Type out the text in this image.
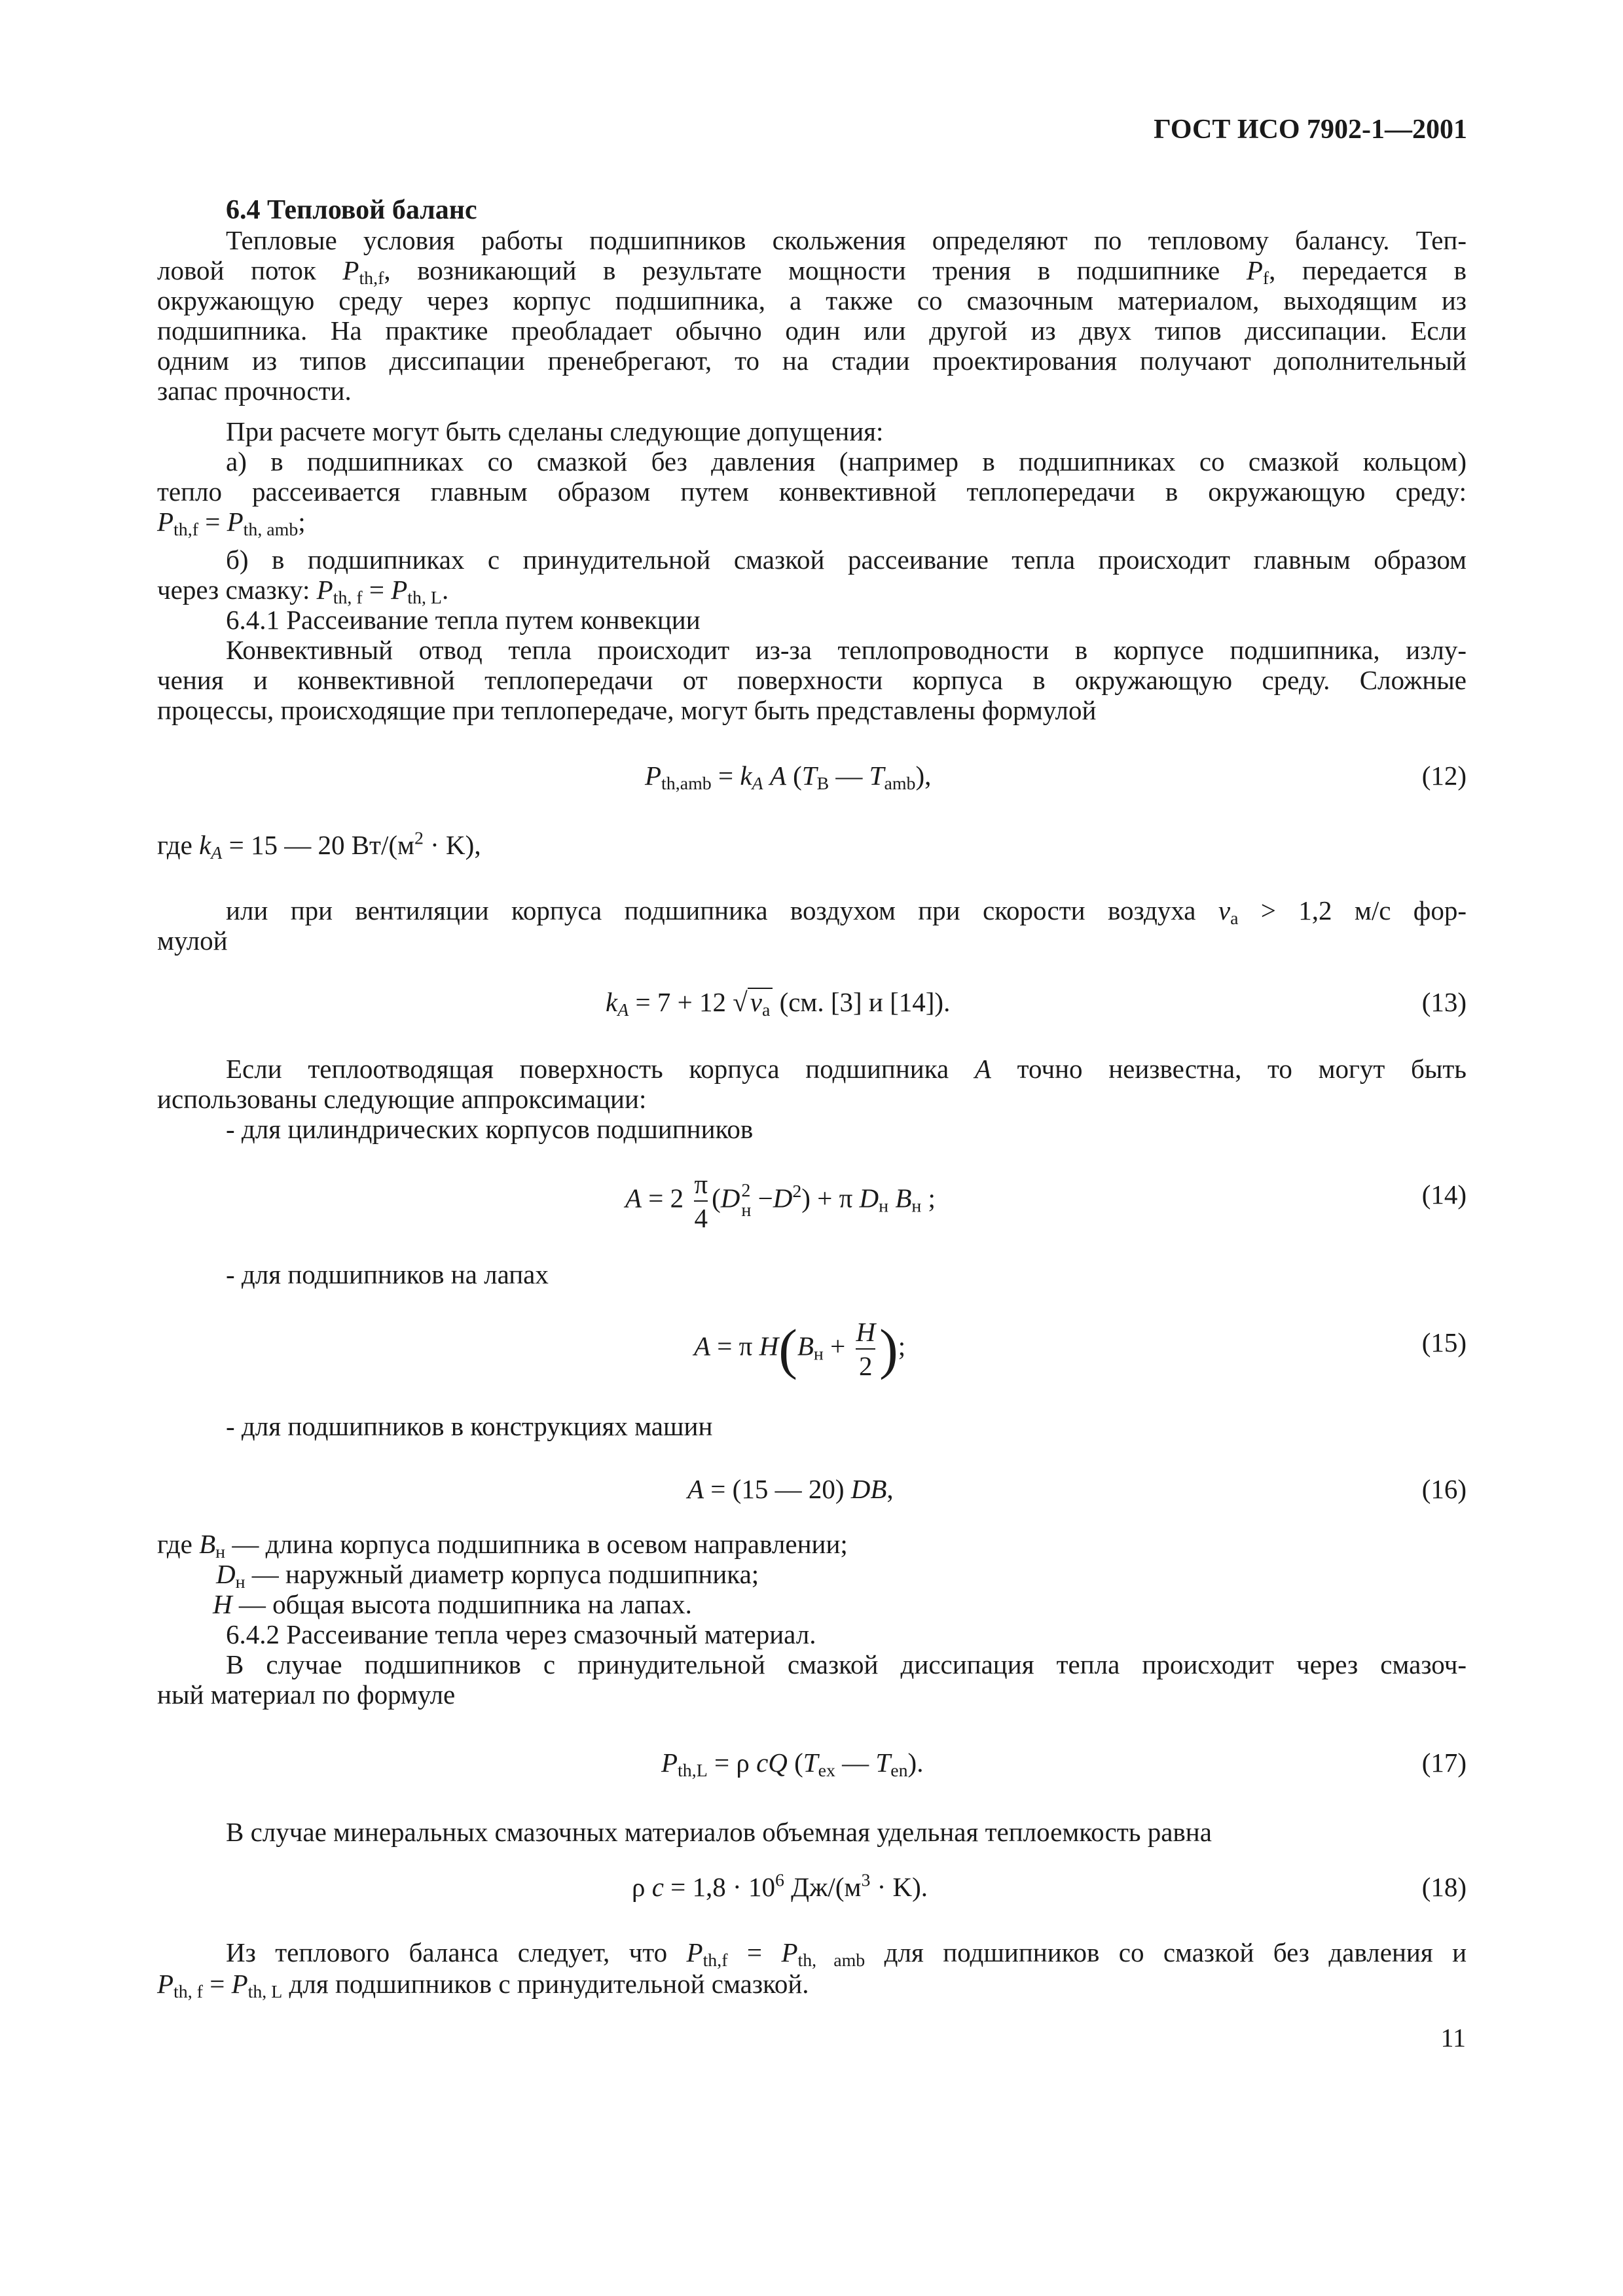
ГОСТ ИСО 7902-1—2001
6.4 Тепловой баланс
Тепловые условия работы подшипников скольжения определяют по тепловому балансу. Теп-
ловой поток $P_{th,f}$, возникающий в результате мощности трения в подшипнике $P_f$, передается в
окружающую среду через корпус подшипника, а также со смазочным материалом, выходящим из
подшипника. На практике преобладает обычно один или другой из двух типов диссипации. Если
одним из типов диссипации пренебрегают, то на стадии проектирования получают дополнительный
запас прочности.
При расчете могут быть сделаны следующие допущения:
а) в подшипниках со смазкой без давления (например в подшипниках со смазкой кольцом)
тепло рассеивается главным образом путем конвективной теплопередачи в окружающую среду:
$P_{th,f} = P_{th, amb}$;
б) в подшипниках с принудительной смазкой рассеивание тепла происходит главным образом
через смазку: $P_{th, f} = P_{th, L}$.
6.4.1 Рассеивание тепла путем конвекции
Конвективный отвод тепла происходит из-за теплопроводности в корпусе подшипника, излу-
чения и конвективной теплопередачи от поверхности корпуса в окружающую среду. Сложные
процессы, происходящие при теплопередаче, могут быть представлены формулой
$P_{th,amb} = k_A$ A ($T_B$ — $T_{amb}$),	(12)
где $k_A = 15$ — 20 $Вт/(м^2 \cdot K)$,
или при вентиляции корпуса подшипника воздухом при скорости воздуха $v_a > 1,2$ м/с фор-
мулой
$k_A = 7 + 12$ $√v_a$ (см. [3] и [14]).	(13)
Если теплоотводящая поверхность корпуса подшипника A точно неизвестна, то могут быть
использованы следующие аппроксимации:
- для цилиндрических корпусов подшипников
$A = 2 \frac{\pi}{4} (D$ 2
$н -D^2) + \pi$ $D_н$ $B_н$ ;	(14)
- для подшипников на лапах
A = π $H(B_н + \frac{H}{2}$ );	(15)
- для подшипников в конструкциях машин
A = (15 — 20) DB,	(16)
где $B_н$ — длина корпуса подшипника в осевом направлении;
$D_н$ — наружный диаметр корпуса подшипника;
H — общая высота подшипника на лапах.
6.4.2 Рассеивание тепла через смазочный материал.
В случае подшипников с принудительной смазкой диссипация тепла происходит через смазоч-
ный материал по формуле
$P_{th,L} = \rho$ cQ ($T_{ex}$ — $T_{en}$).	(17)
В случае минеральных смазочных материалов объемная удельная теплоемкость равна
ρ $c = 1,8 \cdot 10^6$ $Дж/(м^3 \cdot K)$.	(18)
Из теплового баланса следует, что $P_{th,f} = P_{th, amb}$ для подшипников со смазкой без давления и
$P_{th, f} = P_{th, L}$ для подшипников с принудительной смазкой.
11
